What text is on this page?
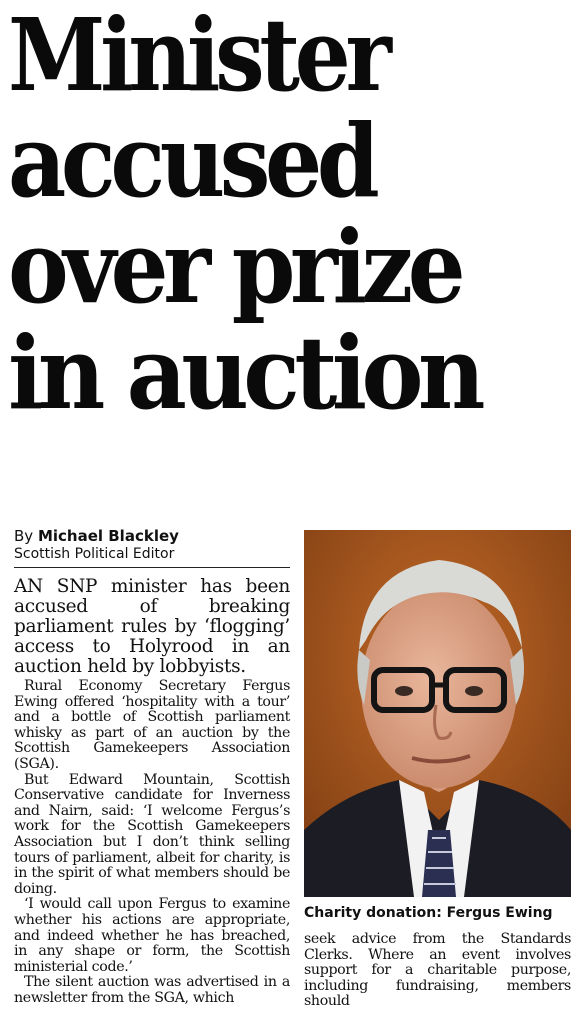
Minister
accused
over prize
in auction
By Michael Blackley
Scottish Political Editor

AN SNP minister has been accused of breaking parliament rules by ‘flogging’ access to Holyrood in an auction held by lobbyists.

Rural Economy Secretary Fergus Ewing offered ‘hospitality with a tour’ and a bottle of Scottish parliament whisky as part of an auction by the Scottish Gamekeepers Association (SGA).

But Edward Mountain, Scottish Conservative candidate for Inverness and Nairn, said: ‘I welcome Fergus’s work for the Scottish Gamekeepers Association but I don’t think selling tours of parliament, albeit for charity, is in the spirit of what members should be doing.

‘I would call upon Fergus to examine whether his actions are appropriate, and indeed whether he has breached, in any shape or form, the Scottish ministerial code.’

The silent auction was advertised in a newsletter from the SGA, which

Charity donation: Fergus Ewing

seek advice from the Standards Clerks. Where an event involves support for a charitable purpose, including fundraising, members should
